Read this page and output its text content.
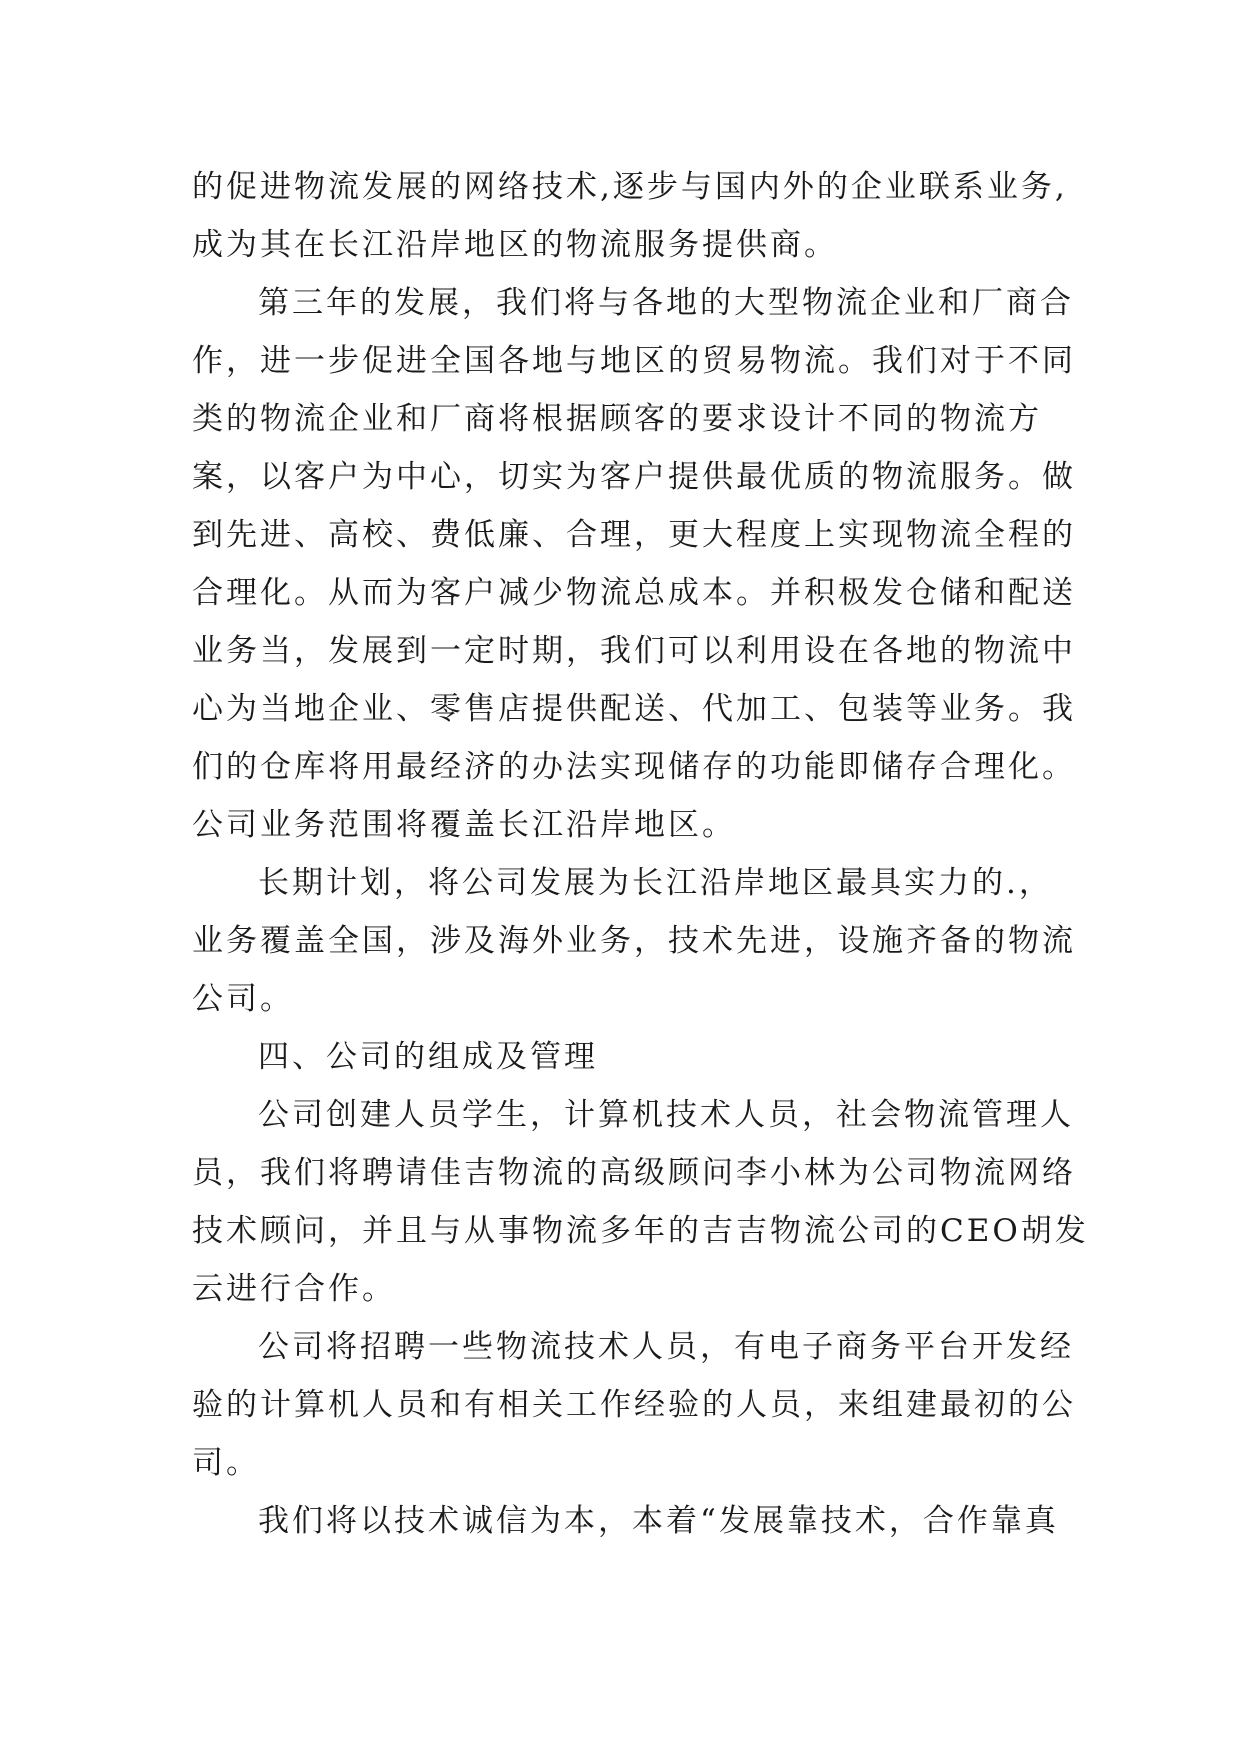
的促进物流发展的网络技术,逐步与国内外的企业联系业务,
成为其在长江沿岸地区的物流服务提供商。
第三年的发展，我们将与各地的大型物流企业和厂商合
作，进一步促进全国各地与地区的贸易物流。我们对于不同
类的物流企业和厂商将根据顾客的要求设计不同的物流方
案，以客户为中心，切实为客户提供最优质的物流服务。做
到先进、高校、费低廉、合理，更大程度上实现物流全程的
合理化。从而为客户减少物流总成本。并积极发仓储和配送
业务当，发展到一定时期，我们可以利用设在各地的物流中
心为当地企业、零售店提供配送、代加工、包装等业务。我
们的仓库将用最经济的办法实现储存的功能即储存合理化。
公司业务范围将覆盖长江沿岸地区。
长期计划，将公司发展为长江沿岸地区最具实力的.，
业务覆盖全国，涉及海外业务，技术先进，设施齐备的物流
公司。
四、公司的组成及管理
公司创建人员学生，计算机技术人员，社会物流管理人
员，我们将聘请佳吉物流的高级顾问李小林为公司物流网络
技术顾问，并且与从事物流多年的吉吉物流公司的CEO胡发
云进行合作。
公司将招聘一些物流技术人员，有电子商务平台开发经
验的计算机人员和有相关工作经验的人员，来组建最初的公
司。
我们将以技术诚信为本，本着“发展靠技术，合作靠真
